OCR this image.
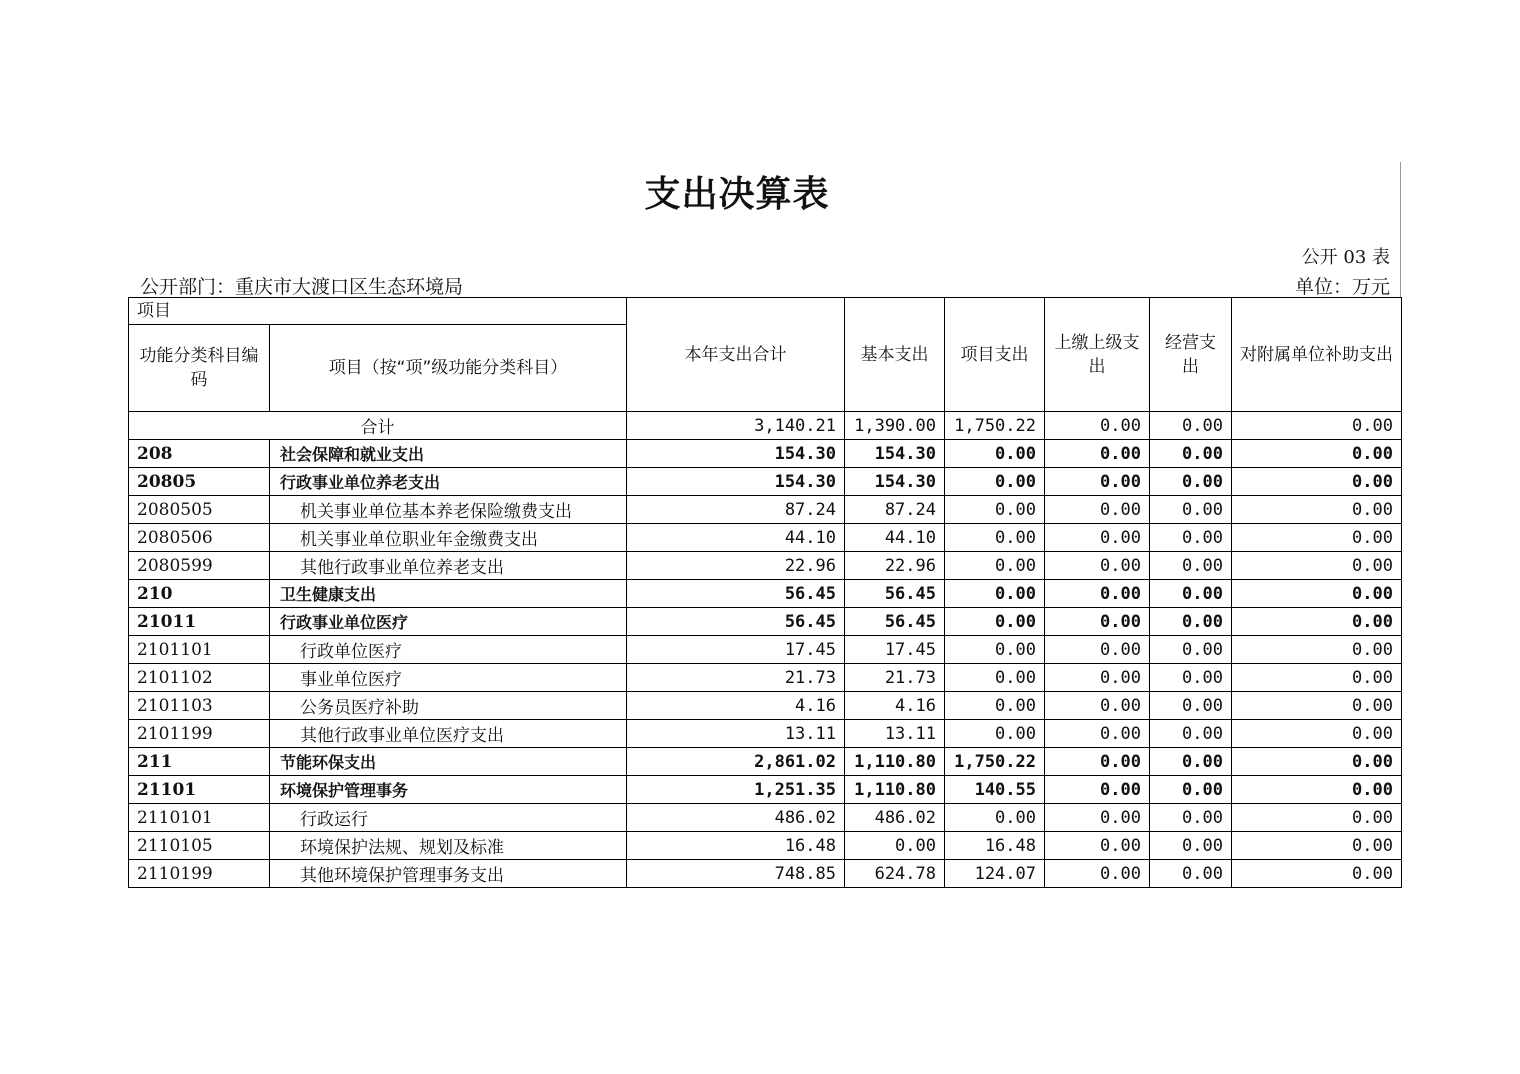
支出决算表
公开 03 表
公开部门：重庆市大渡口区生态环境局	单位：万元
项目		本年支出合计	基本支出	项目支出	上缴上级支出	经营支出	对附属单位补助支出
功能分类科目编码	项目（按“项”级功能分类科目）						
合计		3,140.21	1,390.00	1,750.22	0.00	0.00	0.00
208	社会保障和就业支出	154.30	154.30	0.00	0.00	0.00	0.00
20805	行政事业单位养老支出	154.30	154.30	0.00	0.00	0.00	0.00
2080505	机关事业单位基本养老保险缴费支出	87.24	87.24	0.00	0.00	0.00	0.00
2080506	机关事业单位职业年金缴费支出	44.10	44.10	0.00	0.00	0.00	0.00
2080599	其他行政事业单位养老支出	22.96	22.96	0.00	0.00	0.00	0.00
210	卫生健康支出	56.45	56.45	0.00	0.00	0.00	0.00
21011	行政事业单位医疗	56.45	56.45	0.00	0.00	0.00	0.00
2101101	行政单位医疗	17.45	17.45	0.00	0.00	0.00	0.00
2101102	事业单位医疗	21.73	21.73	0.00	0.00	0.00	0.00
2101103	公务员医疗补助	4.16	4.16	0.00	0.00	0.00	0.00
2101199	其他行政事业单位医疗支出	13.11	13.11	0.00	0.00	0.00	0.00
211	节能环保支出	2,861.02	1,110.80	1,750.22	0.00	0.00	0.00
21101	环境保护管理事务	1,251.35	1,110.80	140.55	0.00	0.00	0.00
2110101	行政运行	486.02	486.02	0.00	0.00	0.00	0.00
2110105	环境保护法规、规划及标准	16.48	0.00	16.48	0.00	0.00	0.00
2110199	其他环境保护管理事务支出	748.85	624.78	124.07	0.00	0.00	0.00
